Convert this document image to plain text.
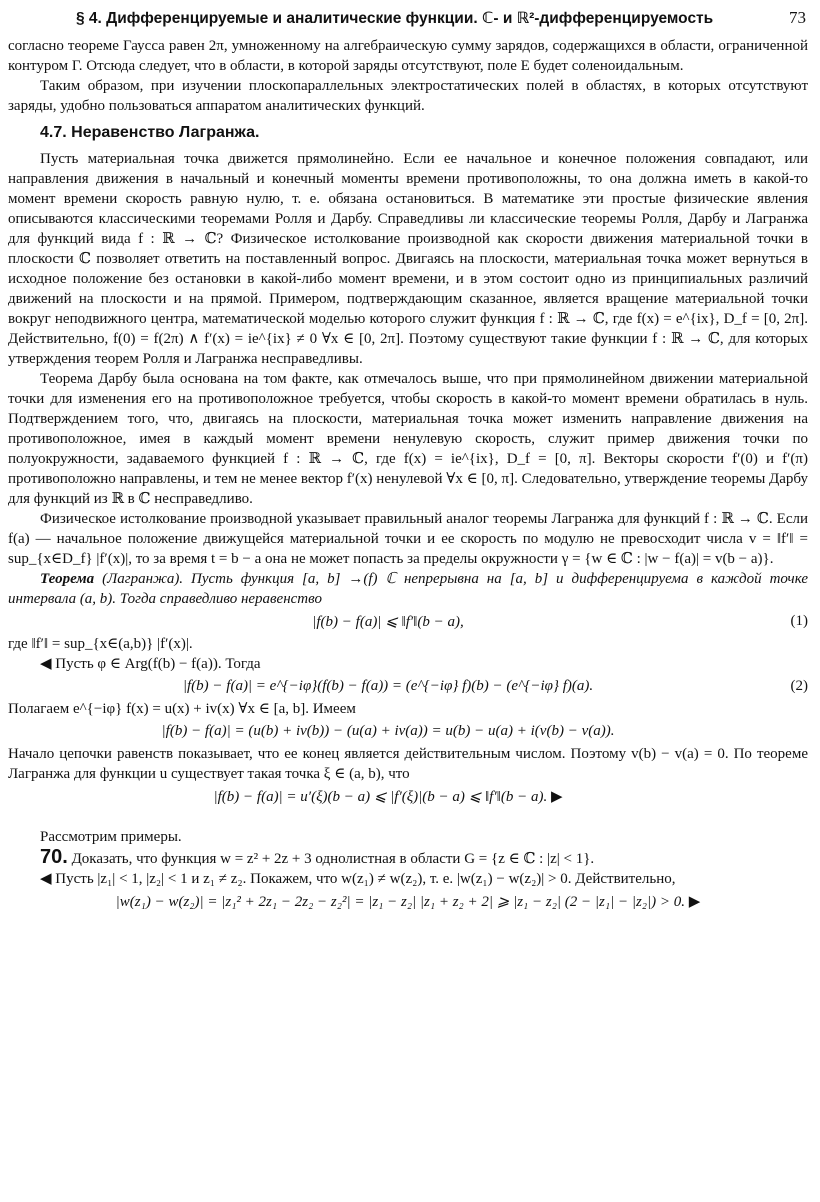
§ 4. Дифференцируемые и аналитические функции. ℂ- и ℝ²-дифференцируемость	73

согласно теореме Гаусса равен 2π, умноженному на алгебраическую сумму зарядов, содержащихся в области, ограниченной контуром Γ. Отсюда следует, что в области, в которой заряды отсутствуют, поле E будет соленоидальным.

Таким образом, при изучении плоскопараллельных электростатических полей в областях, в которых отсутствуют заряды, удобно пользоваться аппаратом аналитических функций.

4.7. Неравенство Лагранжа.

Пусть материальная точка движется прямолинейно. Если ее начальное и конечное положения совпадают, или направления движения в начальный и конечный моменты времени противоположны, то она должна иметь в какой-то момент времени скорость равную нулю, т. е. обязана остановиться. В математике эти простые физические явления описываются классическими теоремами Ролля и Дарбу. Справедливы ли классические теоремы Ролля, Дарбу и Лагранжа для функций вида f : ℝ → ℂ? Физическое истолкование производной как скорости движения материальной точки в плоскости ℂ позволяет ответить на поставленный вопрос. Двигаясь на плоскости, материальная точка может вернуться в исходное положение без остановки в какой-либо момент времени, и в этом состоит одно из принципиальных различий движений на плоскости и на прямой. Примером, подтверждающим сказанное, является вращение материальной точки вокруг неподвижного центра, математической моделью которого служит функция f : ℝ → ℂ, где f(x) = e^{ix}, D_f = [0, 2π]. Действительно, f(0) = f(2π) ∧ f′(x) = ie^{ix} ≠ 0 ∀x ∈ [0, 2π]. Поэтому существуют такие функции f : ℝ → ℂ, для которых утверждения теорем Ролля и Лагранжа несправедливы.

Теорема Дарбу была основана на том факте, как отмечалось выше, что при прямолинейном движении материальной точки для изменения его на противоположное требуется, чтобы скорость в какой-то момент времени обратилась в нуль. Подтверждением того, что, двигаясь на плоскости, материальная точка может изменить направление движения на противоположное, имея в каждый момент времени ненулевую скорость, служит пример движения точки по полуокружности, задаваемого функцией f : ℝ → ℂ, где f(x) = ie^{ix}, D_f = [0, π]. Векторы скорости f′(0) и f′(π) противоположно направлены, и тем не менее вектор f′(x) ненулевой ∀x ∈ [0, π]. Следовательно, утверждение теоремы Дарбу для функций из ℝ в ℂ несправедливо.

Физическое истолкование производной указывает правильный аналог теоремы Лагранжа для функций f : ℝ → ℂ. Если f(a) — начальное положение движущейся материальной точки и ее скорость по модулю не превосходит числа v = ‖f′‖ = sup_{x∈D_f} |f′(x)|, то за время t = b − a она не может попасть за пределы окружности γ = {w ∈ ℂ : |w − f(a)| = v(b − a)}.

Теорема (Лагранжа). Пусть функция [a, b] →(f) ℂ непрерывна на [a, b] и дифференцируема в каждой точке интервала (a, b). Тогда справедливо неравенство
|f(b) − f(a)| ⩽ ‖f′‖(b − a),	(1)

где ‖f′‖ = sup_{x∈(a,b)} |f′(x)|.

◀ Пусть φ ∈ Arg(f(b) − f(a)). Тогда

|f(b) − f(a)| = e^{−iφ}(f(b) − f(a)) = (e^{−iφ} f)(b) − (e^{−iφ} f)(a).	(2)

Полагаем e^{−iφ} f(x) = u(x) + iv(x) ∀x ∈ [a, b]. Имеем

|f(b) − f(a)| = (u(b) + iv(b)) − (u(a) + iv(a)) = u(b) − u(a) + i(v(b) − v(a)).

Начало цепочки равенств показывает, что ее конец является действительным числом. Поэтому v(b) − v(a) = 0. По теореме Лагранжа для функции u существует такая точка ξ ∈ (a, b), что

|f(b) − f(a)| = u′(ξ)(b − a) ⩽ |f′(ξ)|(b − a) ⩽ ‖f′‖(b − a). ▶

Рассмотрим примеры.

70. Доказать, что функция w = z² + 2z + 3 однолистная в области G = {z ∈ ℂ : |z| < 1}.

◀ Пусть |z₁| < 1, |z₂| < 1 и z₁ ≠ z₂. Покажем, что w(z₁) ≠ w(z₂), т. е. |w(z₁) − w(z₂)| > 0. Действительно,

|w(z₁) − w(z₂)| = |z₁² + 2z₁ − 2z₂ − z₂²| = |z₁ − z₂| |z₁ + z₂ + 2| ⩾ |z₁ − z₂| (2 − |z₁| − |z₂|) > 0. ▶
